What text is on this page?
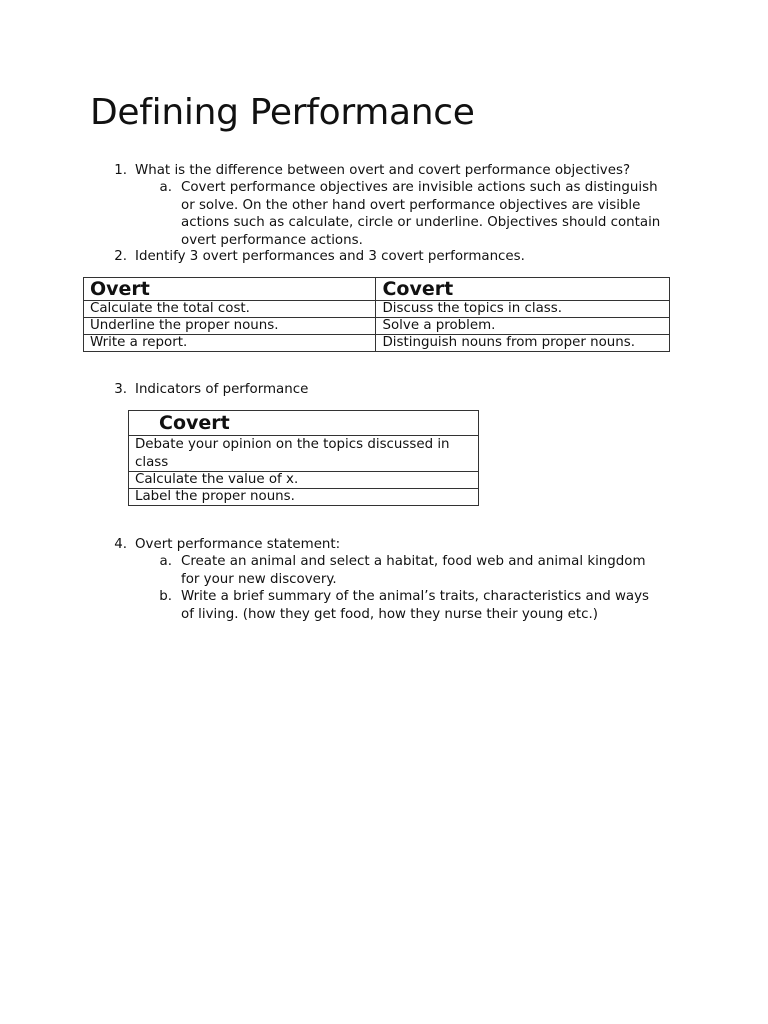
Defining Performance
1. What is the difference between overt and covert performance objectives?
a. Covert performance objectives are invisible actions such as distinguish
or solve. On the other hand overt performance objectives are visible
actions such as calculate, circle or underline. Objectives should contain
overt performance actions.
2. Identify 3 overt performances and 3 covert performances.
Overt	Covert
Calculate the total cost.	Discuss the topics in class.
Underline the proper nouns.	Solve a problem.
Write a report.	Distinguish nouns from proper nouns.
3. Indicators of performance
Covert

Debate your opinion on the topics discussed in
class

Calculate the value of x.
Label the proper nouns.
4. Overt performance statement:
a. Create an animal and select a habitat, food web and animal kingdom
for your new discovery.
b. Write a brief summary of the animal’s traits, characteristics and ways
of living. (how they get food, how they nurse their young etc.)
